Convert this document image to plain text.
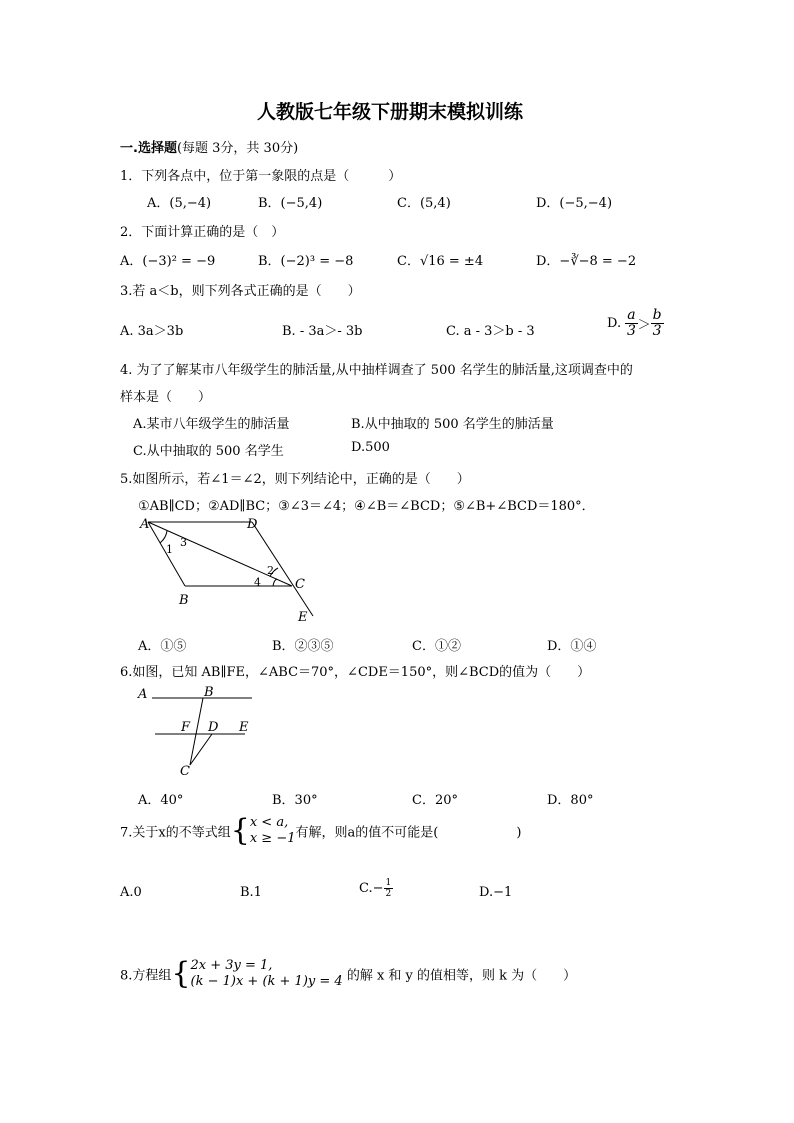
人教版七年级下册期末模拟训练
一.选择题(每题 3分，共 30分)
1．下列各点中，位于第一象限的点是（　　　）
A．(5,−4)	B．(−5,4)	C．(5,4)	D．(−5,−4)
2．下面计算正确的是（　）
A．(−3)² = −9	B．(−2)³ = −8	C．√16 = ±4	D．−∛−8 = −2
3.若 a＜b，则下列各式正确的是（　　）
A. 3a＞3b	B. - 3a＞- 3b	C. a - 3＞b - 3
D. $\frac{a}{3} > \frac{b}{3}$
4. 为了了解某市八年级学生的肺活量,从中抽样调查了 500 名学生的肺活量,这项调查中的
样本是（　　）
A.某市八年级学生的肺活量	B.从中抽取的 500 名学生的肺活量
C.从中抽取的 500 名学生	D.500
5.如图所示，若∠1＝∠2，则下列结论中，正确的是（　　）
①AB∥CD；②AD∥BC；③∠3＝∠4；④∠B＝∠BCD；⑤∠B+∠BCD＝180°．
A	D
B
C
E
1
2
3
4
A．①⑤	B．②③⑤	C．①②	D．①④
6.如图，已知 AB∥FE，∠ABC＝70°，∠CDE＝150°，则∠BCD的值为（　　）
A	B
F D E
C
A．40°	B．30°	C．20°	D．80°
7.关于x的不等式组{ x < a,
x ≥ −1 有解，则a的值不可能是(　　　　　　)
A.0	B.1	$C.- \frac{1}{2}$	D.−1
8.方程组{ 2x + 3y = 1,
(k − 1)x + (k + 1)y = 4 的解 x 和 y 的值相等，则 k 为（　　）
